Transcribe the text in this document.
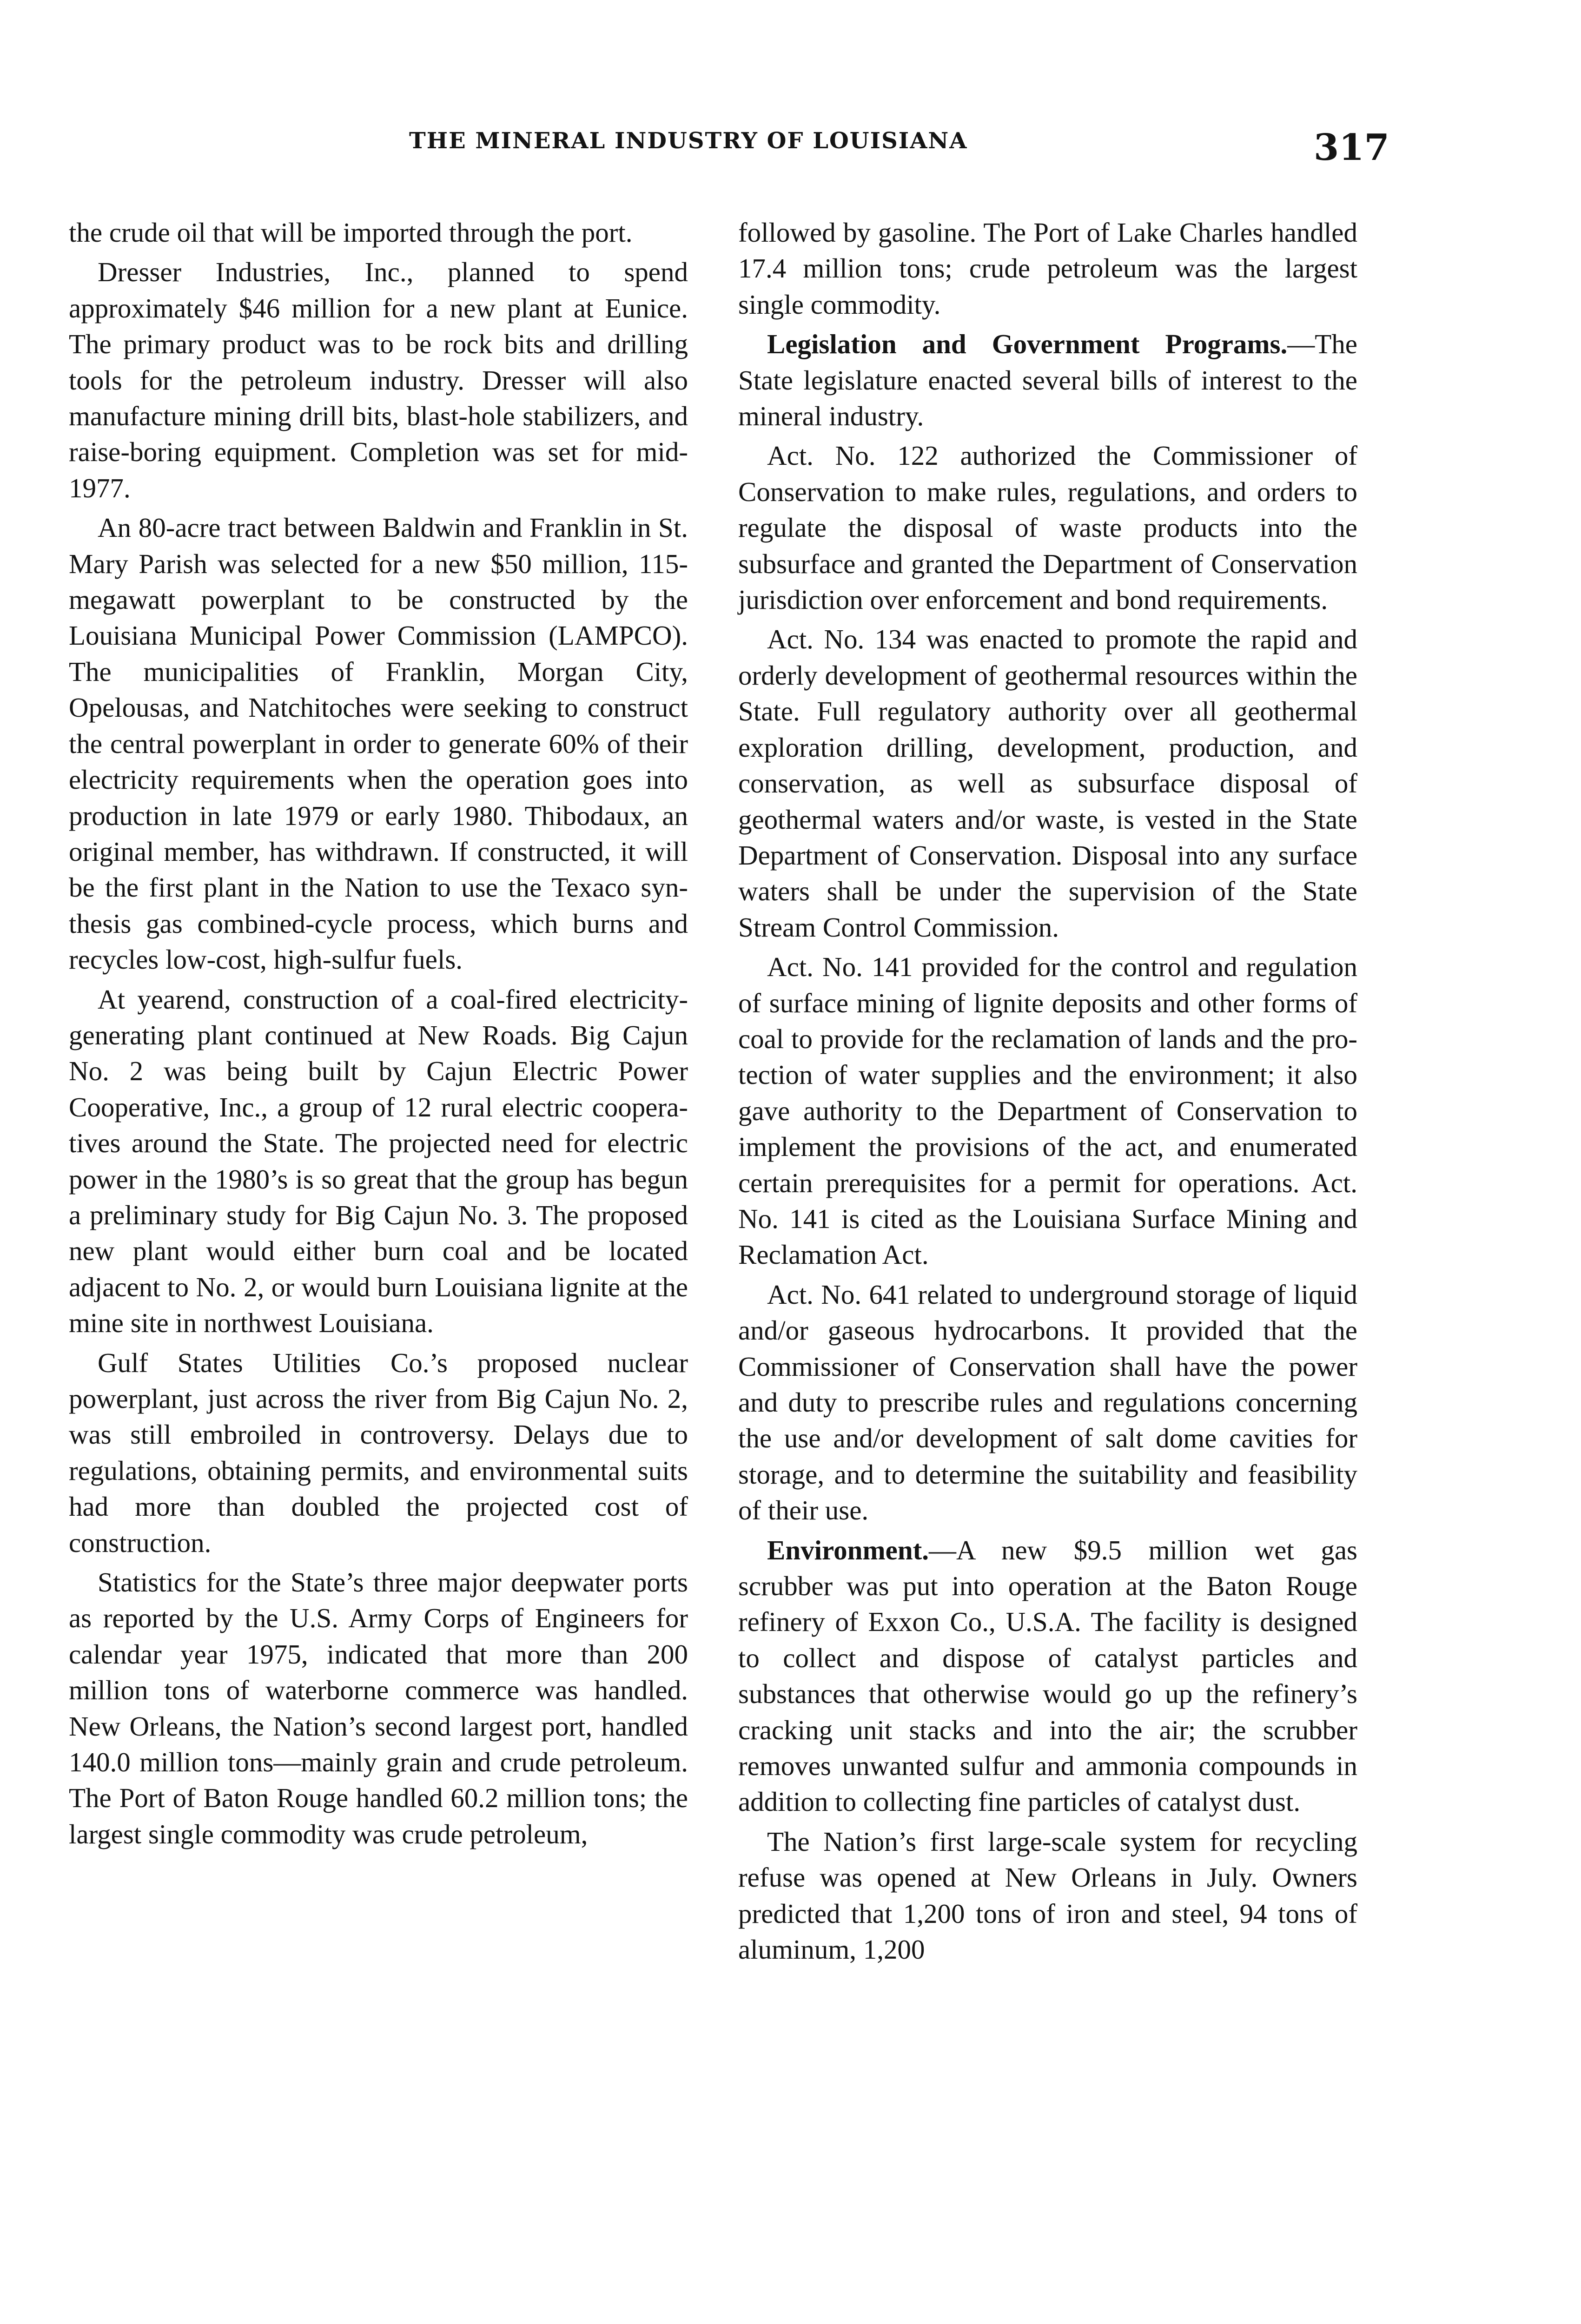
THE MINERAL INDUSTRY OF LOUISIANA	317

the crude oil that will be imported through the port.

Dresser Industries, Inc., planned to spend approximately $46 million for a new plant at Eunice. The primary product was to be rock bits and drilling tools for the petroleum industry. Dresser will also manufacture mining drill bits, blast-hole stabilizers, and raise-boring equipment. Completion was set for mid-1977.

An 80-acre tract between Baldwin and Franklin in St. Mary Parish was selected for a new $50 million, 115-megawatt powerplant to be constructed by the Louisiana Municipal Power Commission (LAMPCO). The municipalities of Franklin, Morgan City, Opelousas, and Natchitoches were seeking to construct the central powerplant in order to generate 60% of their electricity requirements when the operation goes into production in late 1979 or early 1980. Thibodaux, an original member, has withdrawn. If constructed, it will be the first plant in the Nation to use the Texaco synthesis gas combined-cycle process, which burns and recycles low-cost, high-sulfur fuels.

At yearend, construction of a coal-fired electricity-generating plant continued at New Roads. Big Cajun No. 2 was being built by Cajun Electric Power Cooperative, Inc., a group of 12 rural electric cooperatives around the State. The projected need for electric power in the 1980’s is so great that the group has begun a preliminary study for Big Cajun No. 3. The proposed new plant would either burn coal and be located adjacent to No. 2, or would burn Louisiana lignite at the mine site in northwest Louisiana.

Gulf States Utilities Co.’s proposed nuclear powerplant, just across the river from Big Cajun No. 2, was still embroiled in controversy. Delays due to regulations, obtaining permits, and environmental suits had more than doubled the projected cost of construction.

Statistics for the State’s three major deepwater ports as reported by the U.S. Army Corps of Engineers for calendar year 1975, indicated that more than 200 million tons of waterborne commerce was handled. New Orleans, the Nation’s second largest port, handled 140.0 million tons—mainly grain and crude petroleum. The Port of Baton Rouge handled 60.2 million tons; the largest single commodity was crude petroleum,

followed by gasoline. The Port of Lake Charles handled 17.4 million tons; crude petroleum was the largest single commodity.

Legislation and Government Programs.—The State legislature enacted several bills of interest to the mineral industry.

Act. No. 122 authorized the Commissioner of Conservation to make rules, regulations, and orders to regulate the disposal of waste products into the subsurface and granted the Department of Conservation jurisdiction over enforcement and bond requirements.

Act. No. 134 was enacted to promote the rapid and orderly development of geothermal resources within the State. Full regulatory authority over all geothermal exploration drilling, development, production, and conservation, as well as subsurface disposal of geothermal waters and/or waste, is vested in the State Department of Conservation. Disposal into any surface waters shall be under the supervision of the State Stream Control Commission.

Act. No. 141 provided for the control and regulation of surface mining of lignite deposits and other forms of coal to provide for the reclamation of lands and the protection of water supplies and the environment; it also gave authority to the Department of Conservation to implement the provisions of the act, and enumerated certain prerequisites for a permit for operations. Act. No. 141 is cited as the Louisiana Surface Mining and Reclamation Act.

Act. No. 641 related to underground storage of liquid and/or gaseous hydrocarbons. It provided that the Commissioner of Conservation shall have the power and duty to prescribe rules and regulations concerning the use and/or development of salt dome cavities for storage, and to determine the suitability and feasibility of their use.

Environment.—A new $9.5 million wet gas scrubber was put into operation at the Baton Rouge refinery of Exxon Co., U.S.A. The facility is designed to collect and dispose of catalyst particles and substances that otherwise would go up the refinery’s cracking unit stacks and into the air; the scrubber removes unwanted sulfur and ammonia compounds in addition to collecting fine particles of catalyst dust.

The Nation’s first large-scale system for recycling refuse was opened at New Orleans in July. Owners predicted that 1,200 tons of iron and steel, 94 tons of aluminum, 1,200
